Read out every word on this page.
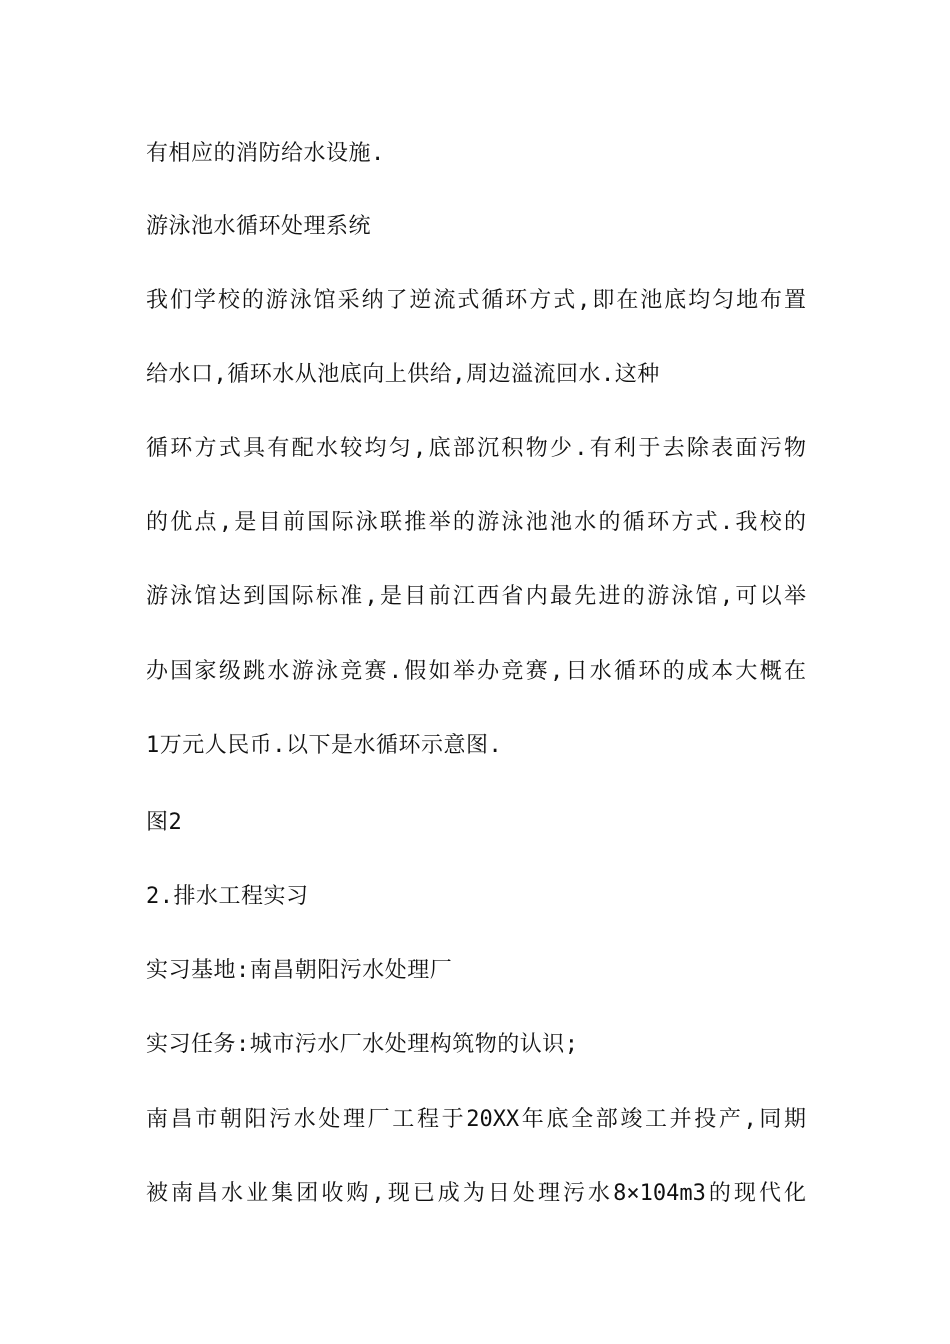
有相应的消防给水设施.

游泳池水循环处理系统

我们学校的游泳馆采纳了逆流式循环方式,即在池底均匀地布置

给水口,循环水从池底向上供给,周边溢流回水.这种

循环方式具有配水较均匀,底部沉积物少.有利于去除表面污物

的优点,是目前国际泳联推举的游泳池池水的循环方式.我校的

游泳馆达到国际标准,是目前江西省内最先进的游泳馆,可以举

办国家级跳水游泳竞赛.假如举办竞赛,日水循环的成本大概在

1万元人民币.以下是水循环示意图.

图2

2.排水工程实习

实习基地:南昌朝阳污水处理厂

实习任务:城市污水厂水处理构筑物的认识;

南昌市朝阳污水处理厂工程于20XX年底全部竣工并投产,同期

被南昌水业集团收购,现已成为日处理污水8×104m3的现代化
